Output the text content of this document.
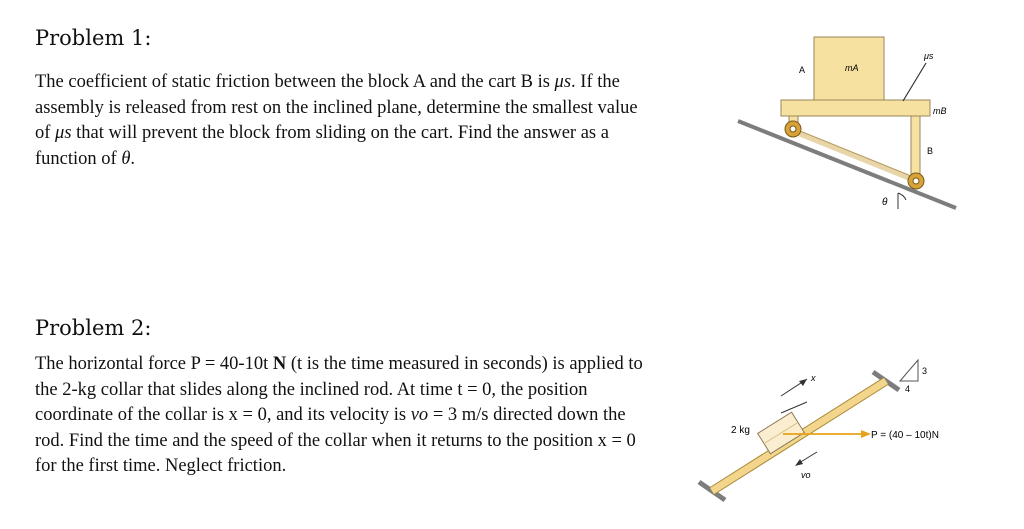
Problem 1:

The coefficient of static friction between the block A and the cart B is μs. If the assembly is released from rest on the inclined plane, determine the smallest value of μs that will prevent the block from sliding on the cart. Find the answer as a function of θ.

Problem 2:

The horizontal force P = 40-10t N (t is the time measured in seconds) is applied to the 2-kg collar that slides along the inclined rod. At time t = 0, the position coordinate of the collar is x = 0, and its velocity is vo = 3 m/s directed down the rod. Find the time and the speed of the collar when it returns to the position x = 0 for the first time. Neglect friction.

A	mA
μs
mB
B
θ
x
2 kg
vo
P = (40 – 10t)N
3
4
